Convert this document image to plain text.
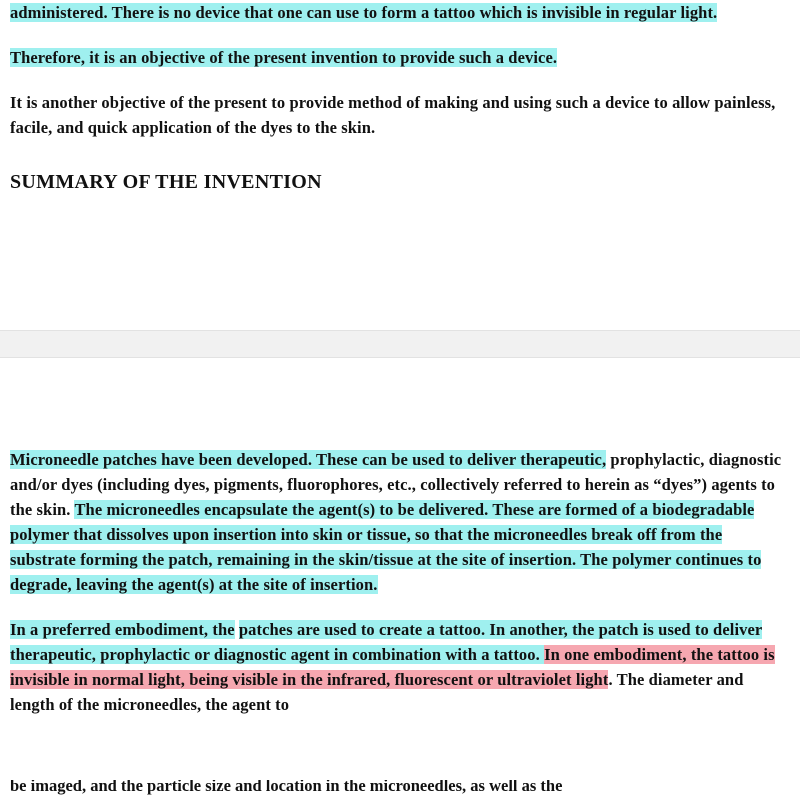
administered. There is no device that one can use to form a tattoo which is invisible in regular light.

Therefore, it is an objective of the present invention to provide such a device.

It is another objective of the present to provide method of making and using such a device to allow painless, facile, and quick application of the dyes to the skin.

SUMMARY OF THE INVENTION

Microneedle patches have been developed. These can be used to deliver therapeutic, prophylactic, diagnostic and/or dyes (including dyes, pigments, fluorophores, etc., collectively referred to herein as “dyes”) agents to the skin. The microneedles encapsulate the agent(s) to be delivered. These are formed of a biodegradable polymer that dissolves upon insertion into skin or tissue, so that the microneedles break off from the substrate forming the patch, remaining in the skin/tissue at the site of insertion. The polymer continues to degrade, leaving the agent(s) at the site of insertion.

In a preferred embodiment, the patches are used to create a tattoo. In another, the patch is used to deliver therapeutic, prophylactic or diagnostic agent in combination with a tattoo. In one embodiment, the tattoo is invisible in normal light, being visible in the infrared, fluorescent or ultraviolet light. The diameter and length of the microneedles, the agent to

be imaged, and the particle size and location in the microneedles, as well as the
